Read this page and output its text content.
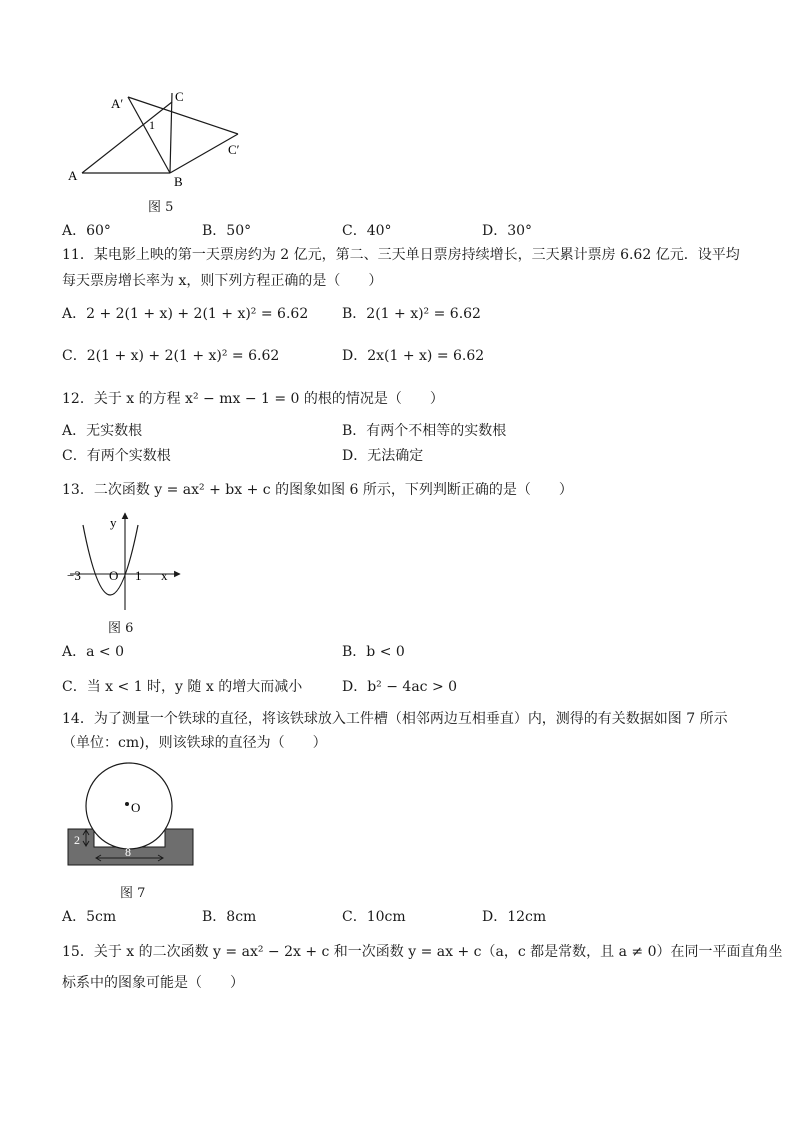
A
A′	C
C′
B
1
图 5
A．60°	B．50°	C．40°	D．30°
11．某电影上映的第一天票房约为 2 亿元，第二、三天单日票房持续增长，三天累计票房 6.62 亿元．设平均
每天票房增长率为 x，则下列方程正确的是（　　）
A．2 + 2(1 + x) + 2(1 + x)² = 6.62 B．2(1 + x)² = 6.62
C．2(1 + x) + 2(1 + x)² = 6.62	D．2x(1 + x) = 6.62
12．关于 x 的方程 x² − mx − 1 = 0 的根的情况是（　　）
A．无实数根	B．有两个不相等的实数根
C．有两个实数根	D．无法确定
13．二次函数 y = ax² + bx + c 的图象如图 6 所示，下列判断正确的是（　　）
y
x
−3 O 1
图 6
A．a < 0	B．b < 0
C．当 x < 1 时，y 随 x 的增大而减小	D．b² − 4ac > 0
14．为了测量一个铁球的直径，将该铁球放入工件槽（相邻两边互相垂直）内，测得的有关数据如图 7 所示
（单位：cm)，则该铁球的直径为（　　）
O
2
8
图 7
A．5cm	B．8cm	C．10cm	D．12cm
15．关于 x 的二次函数 y = ax² − 2x + c 和一次函数 y = ax + c（a，c 都是常数，且 a ≠ 0）在同一平面直角坐
标系中的图象可能是（　　）
